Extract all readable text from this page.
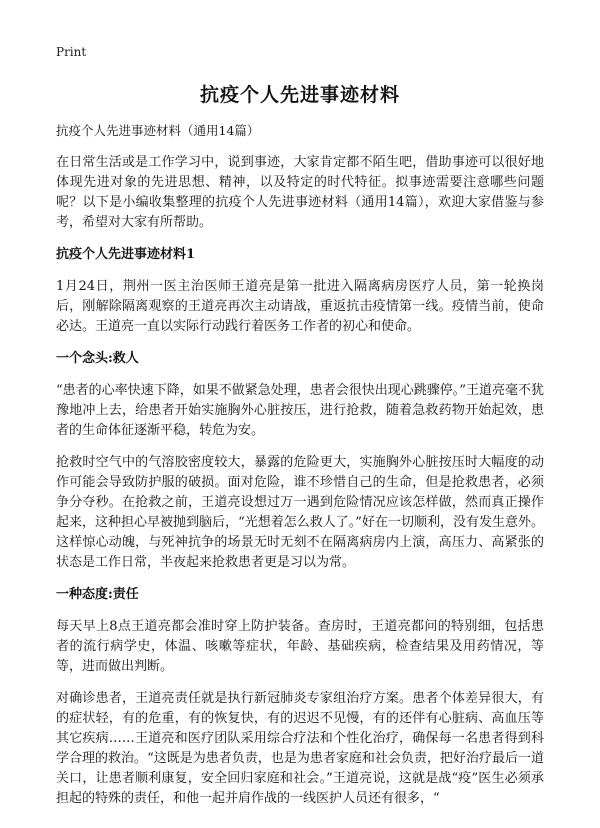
Print
抗疫个人先进事迹材料

抗疫个人先进事迹材料（通用14篇）

在日常生活或是工作学习中，说到事迹，大家肯定都不陌生吧，借助事迹可以很好地体现先进对象的先进思想、精神，以及特定的时代特征。拟事迹需要注意哪些问题呢？以下是小编收集整理的抗疫个人先进事迹材料（通用14篇），欢迎大家借鉴与参考，希望对大家有所帮助。

抗疫个人先进事迹材料1

1月24日，荆州一医主治医师王道亮是第一批进入隔离病房医疗人员，第一轮换岗后，刚解除隔离观察的王道亮再次主动请战，重返抗击疫情第一线。疫情当前，使命必达。王道亮一直以实际行动践行着医务工作者的初心和使命。

一个念头:救人

“患者的心率快速下降，如果不做紧急处理，患者会很快出现心跳骤停。”王道亮毫不犹豫地冲上去，给患者开始实施胸外心脏按压，进行抢救，随着急救药物开始起效，患者的生命体征逐渐平稳，转危为安。

抢救时空气中的气溶胶密度较大，暴露的危险更大，实施胸外心脏按压时大幅度的动作可能会导致防护服的破损。面对危险，谁不珍惜自己的生命，但是抢救患者，必须争分夺秒。在抢救之前，王道亮设想过万一遇到危险情况应该怎样做，然而真正操作起来，这种担心早被抛到脑后，“光想着怎么救人了。”好在一切顺利，没有发生意外。这样惊心动魄，与死神抗争的场景无时无刻不在隔离病房内上演，高压力、高紧张的状态是工作日常，半夜起来抢救患者更是习以为常。

一种态度:责任

每天早上8点王道亮都会准时穿上防护装备。查房时，王道亮都问的特别细，包括患者的流行病学史，体温、咳嗽等症状，年龄、基础疾病，检查结果及用药情况，等等，进而做出判断。

对确诊患者，王道亮责任就是执行新冠肺炎专家组治疗方案。患者个体差异很大，有的症状轻，有的危重，有的恢复快，有的迟迟不见慢，有的还伴有心脏病、高血压等其它疾病……王道亮和医疗团队采用综合疗法和个性化治疗，确保每一名患者得到科学合理的救治。“这既是为患者负责，也是为患者家庭和社会负责，把好治疗最后一道关口，让患者顺利康复，安全回归家庭和社会。”王道亮说，这就是战“疫”医生必须承担起的特殊的责任，和他一起并肩作战的一线医护人员还有很多，“
